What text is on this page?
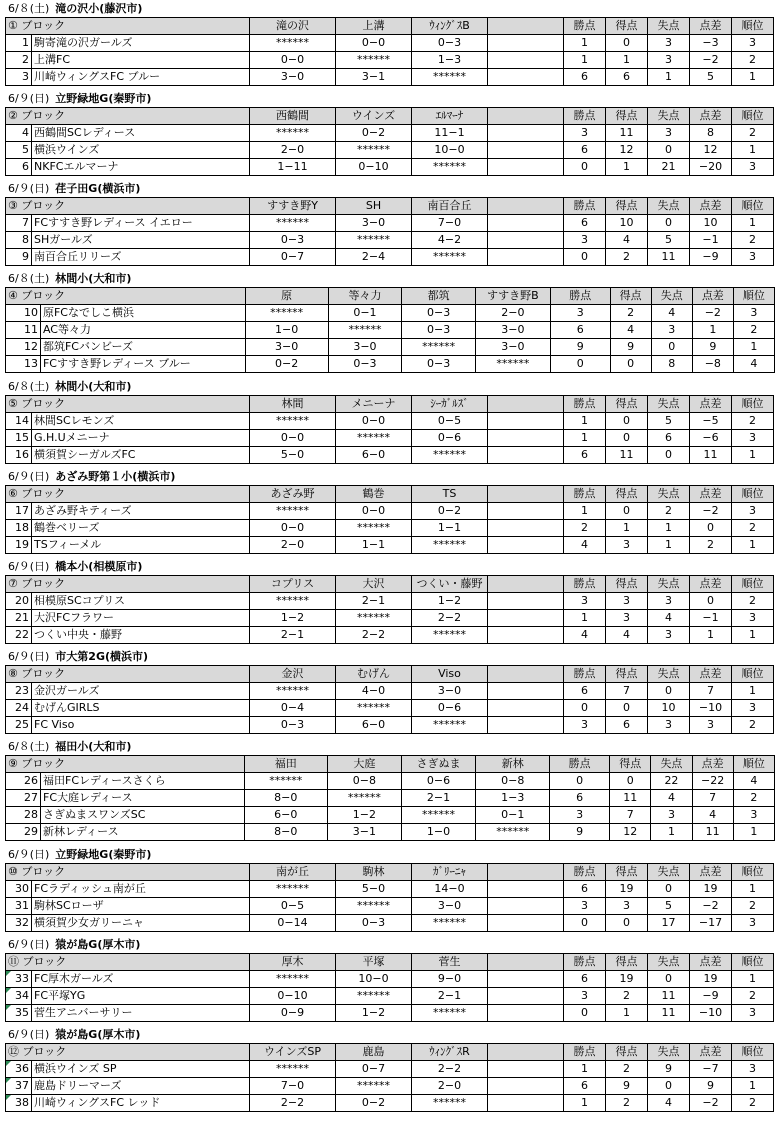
6/８(土) 滝の沢小(藤沢市)
① ブロック		滝の沢	上溝	ｳｨﾝｸﾞｽB		勝点	得点	失点	点差	順位
1	駒寄滝の沢ガールズ	******	0−0	0−3		1	0	3	−3	3
2	上溝FC	0−0	******	1−3		1	1	3	−2	2
3	川崎ウィングスFC ブルー	3−0	3−1	******		6	6	1	5	1
6/９(日) 立野緑地G(秦野市)
② ブロック		西鶴間	ウインズ	ｴﾙﾏｰﾅ		勝点	得点	失点	点差	順位
4	西鶴間SCレディース	******	0−2	11−1		3	11	3	8	2
5	横浜ウインズ	2−0	******	10−0		6	12	0	12	1
6	NKFCエルマーナ	1−11	0−10	******		0	1	21	−20	3
6/９(日) 荏子田G(横浜市)
③ ブロック		すすき野Y	SH	南百合丘		勝点	得点	失点	点差	順位
7	FCすすき野レディース イエロー	******	3−0	7−0		6	10	0	10	1
8	SHガールズ	0−3	******	4−2		3	4	5	−1	2
9	南百合丘リリーズ	0−7	2−4	******		0	2	11	−9	3
6/８(土) 林間小(大和市)
④ ブロック		原	等々力	都筑	すすき野B	勝点	得点	失点	点差	順位
10	原FCなでしこ横浜	******	0−1	0−3	2−0	3	2	4	−2	3
11	AC等々力	1−0	******	0−3	3−0	6	4	3	1	2
12	都筑FCバンビーズ	3−0	3−0	******	3−0	9	9	0	9	1
13	FCすすき野レディース ブルー	0−2	0−3	0−3	******	0	0	8	−8	4
6/８(土) 林間小(大和市)
⑤ ブロック		林間	メニーナ	ｼｰｶﾞﾙｽﾞ		勝点	得点	失点	点差	順位
14	林間SCレモンズ	******	0−0	0−5		1	0	5	−5	2
15	G.H.Uメニーナ	0−0	******	0−6		1	0	6	−6	3
16	横須賀シーガルズFC	5−0	6−0	******		6	11	0	11	1
6/９(日) あざみ野第１小(横浜市)
⑥ ブロック		あざみ野	鶴巻	TS		勝点	得点	失点	点差	順位
17	あざみ野キティーズ	******	0−0	0−2		1	0	2	−2	3
18	鶴巻ベリーズ	0−0	******	1−1		2	1	1	0	2
19	TSフィーメル	2−0	1−1	******		4	3	1	2	1
6/９(日) 橋本小(相模原市)
⑦ ブロック		コプリス	大沢	つくい・藤野		勝点	得点	失点	点差	順位
20	相模原SCコプリス	******	2−1	1−2		3	3	3	0	2
21	大沢FCフラワー	1−2	******	2−2		1	3	4	−1	3
22	つくい中央・藤野	2−1	2−2	******		4	4	3	1	1
6/９(日) 市大第2G(横浜市)
⑧ ブロック		金沢	むげん	Viso		勝点	得点	失点	点差	順位
23	金沢ガールズ	******	4−0	3−0		6	7	0	7	1
24	むげんGIRLS	0−4	******	0−6		0	0	10	−10	3
25	FC Viso	0−3	6−0	******		3	6	3	3	2
6/８(土) 福田小(大和市)
⑨ ブロック		福田	大庭	さぎぬま	新林	勝点	得点	失点	点差	順位
26	福田FCレディースさくら	******	0−8	0−6	0−8	0	0	22	−22	4
27	FC大庭レディース	8−0	******	2−1	1−3	6	11	4	7	2
28	さぎぬまスワンズSC	6−0	1−2	******	0−1	3	7	3	4	3
29	新林レディース	8−0	3−1	1−0	******	9	12	1	11	1
6/９(日) 立野緑地G(秦野市)
⑩ ブロック		南が丘	駒林	ｶﾞﾘｰﾆｬ		勝点	得点	失点	点差	順位
30	FCラディッシュ南が丘	******	5−0	14−0		6	19	0	19	1
31	駒林SCローザ	0−5	******	3−0		3	3	5	−2	2
32	横須賀少女ガリーニャ	0−14	0−3	******		0	0	17	−17	3
6/９(日) 猿が島G(厚木市)
⑪ ブロック		厚木	平塚	菅生		勝点	得点	失点	点差	順位
33	FC厚木ガールズ	******	10−0	9−0		6	19	0	19	1
34	FC平塚YG	0−10	******	2−1		3	2	11	−9	2
35	菅生アニバーサリー	0−9	1−2	******		0	1	11	−10	3
6/９(日) 猿が島G(厚木市)
⑫ ブロック		ウインズSP	鹿島	ｳｨﾝｸﾞｽR		勝点	得点	失点	点差	順位
36	横浜ウインズ SP	******	0−7	2−2		1	2	9	−7	3
37	鹿島ドリーマーズ	7−0	******	2−0		6	9	0	9	1
38	川崎ウィングスFC レッド	2−2	0−2	******		1	2	4	−2	2
